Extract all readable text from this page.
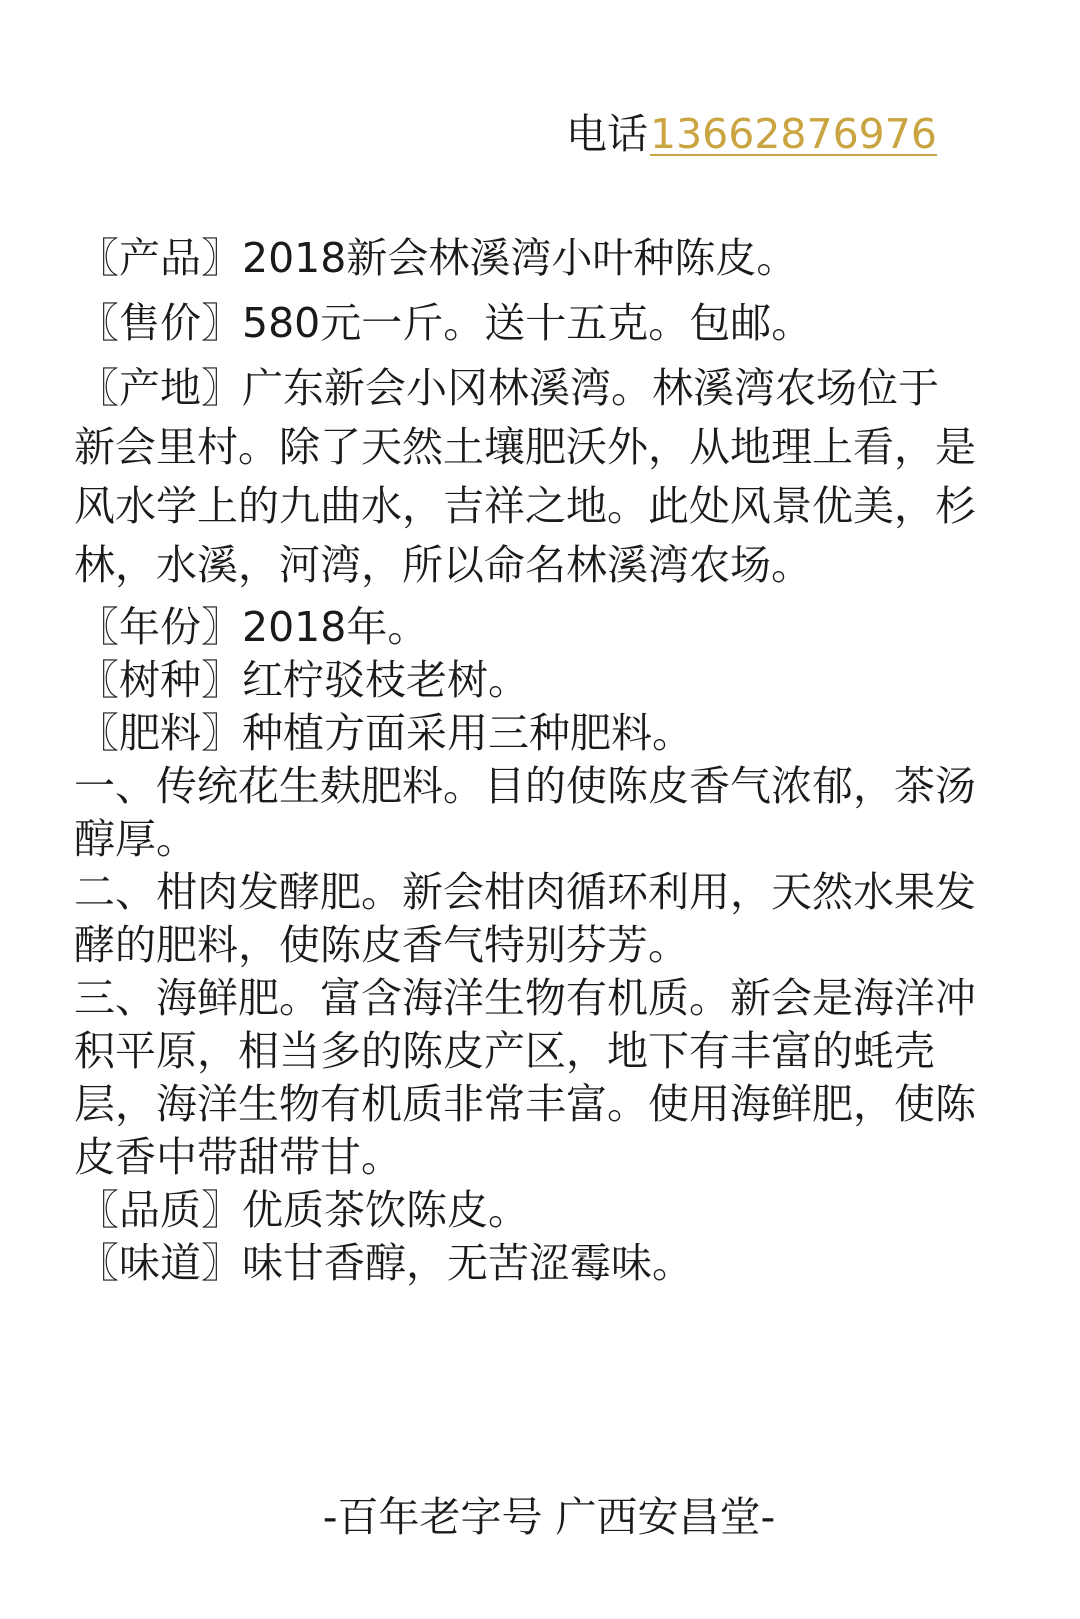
电话13662876976

〖产品〗2018新会林溪湾小叶种陈皮。

〖售价〗580元一斤。送十五克。包邮。

〖产地〗广东新会小冈林溪湾。林溪湾农场位于新会里村。除了天然土壤肥沃外，从地理上看，是风水学上的九曲水，吉祥之地。此处风景优美，杉林，水溪，河湾，所以命名林溪湾农场。

〖年份〗2018年。

〖树种〗红柠驳枝老树。

〖肥料〗种植方面采用三种肥料。

一、传统花生麸肥料。目的使陈皮香气浓郁，茶汤醇厚。

二、柑肉发酵肥。新会柑肉循环利用，天然水果发酵的肥料，使陈皮香气特别芬芳。

三、海鲜肥。富含海洋生物有机质。新会是海洋冲积平原，相当多的陈皮产区，地下有丰富的蚝壳层，海洋生物有机质非常丰富。使用海鲜肥，使陈皮香中带甜带甘。

〖品质〗优质茶饮陈皮。

〖味道〗味甘香醇，无苦涩霉味。

-百年老字号 广西安昌堂-
